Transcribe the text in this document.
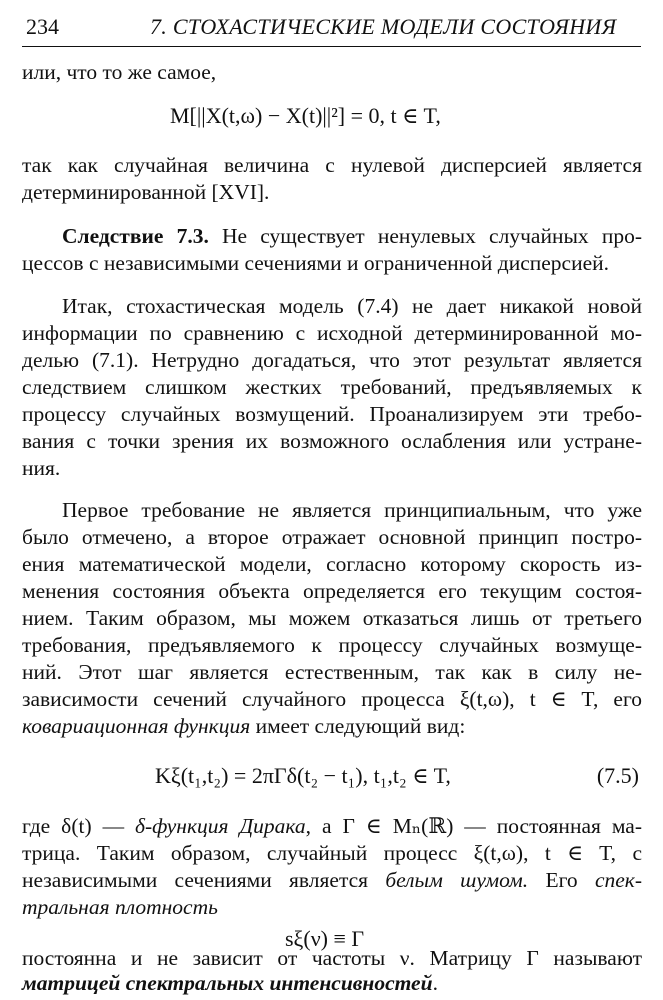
234	7. СТОХАСТИЧЕСКИЕ МОДЕЛИ СОСТОЯНИЯ
или, что то же самое,
M[||X(t,ω) − X(t)||²] = 0, t ∈ T,
так как случайная величина с нулевой дисперсией является
детерминированной [XVI].
Следствие 7.3. Не существует ненулевых случайных про-
цессов с независимыми сечениями и ограниченной дисперсией.
Итак, стохастическая модель (7.4) не дает никакой новой
информации по сравнению с исходной детерминированной мо-
делью (7.1). Нетрудно догадаться, что этот результат является
следствием слишком жестких требований, предъявляемых к
процессу случайных возмущений. Проанализируем эти требо-
вания с точки зрения их возможного ослабления или устране-
ния.
Первое требование не является принципиальным, что уже
было отмечено, а второе отражает основной принцип постро-
ения математической модели, согласно которому скорость из-
менения состояния объекта определяется его текущим состоя-
нием. Таким образом, мы можем отказаться лишь от третьего
требования, предъявляемого к процессу случайных возмуще-
ний. Этот шаг является естественным, так как в силу не-
зависимости сечений случайного процесса ξ(t,ω), t ∈ T, его
ковариационная функция имеет следующий вид:
Kξ(t₁,t₂) = 2πΓδ(t₂ − t₁), t₁,t₂ ∈ T,	(7.5)
где δ(t) — δ-функция Дирака, а Γ ∈ Mₙ(ℝ) — постоянная ма-
трица. Таким образом, случайный процесс ξ(t,ω), t ∈ T, с
независимыми сечениями является белым шумом. Его спек-
тральная плотность
sξ(ν) ≡ Γ
постоянна и не зависит от частоты ν. Матрицу Γ называют
матрицей спектральных интенсивностей.
